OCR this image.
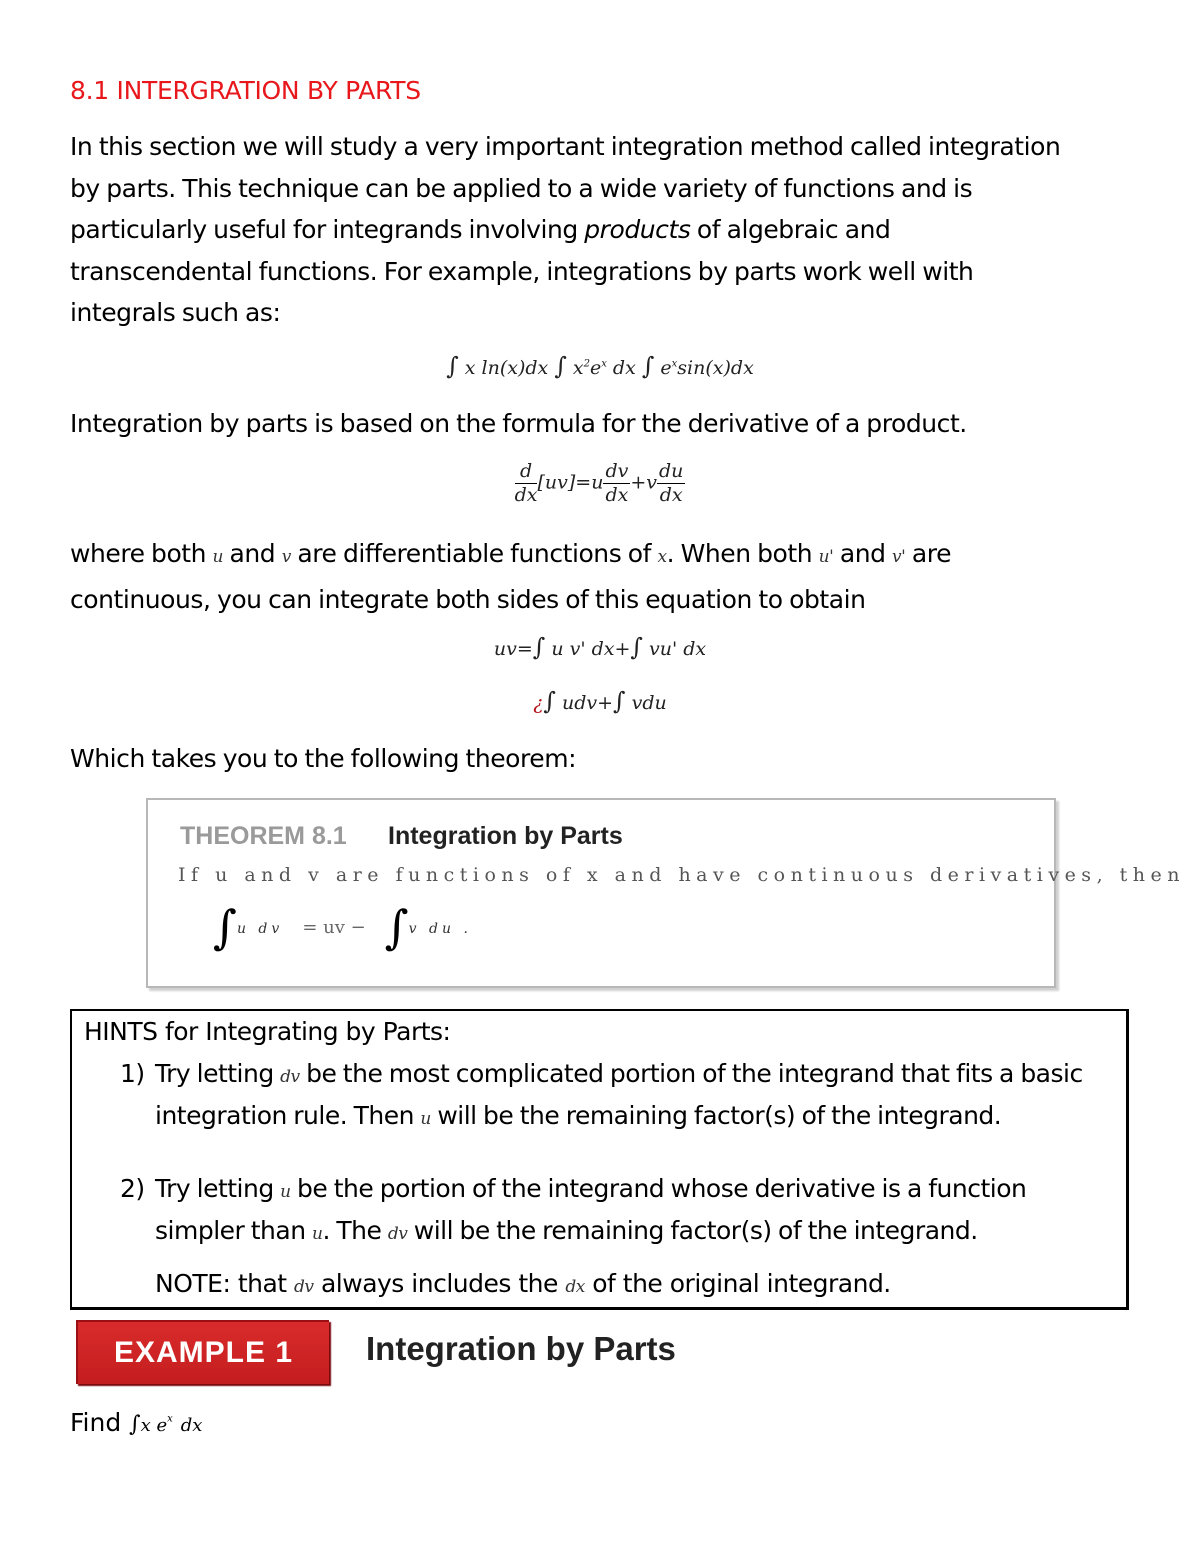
8.1 INTERGRATION BY PARTS
In this section we will study a very important integration method called integration
by parts. This technique can be applied to a wide variety of functions and is
particularly useful for integrands involving products of algebraic and
transcendental functions. For example, integrations by parts work well with
integrals such as:
∫ x ln(x)dx ∫ $x^2e^x$ dx ∫ $e^x\sin(x)dx$
Integration by parts is based on the formula for the derivative of a product.
$\frac{d}{dx} [uv]=u \frac{dv}{dx} +v \frac{du}{dx}$
where both u and v are differentiable functions of x. When both u' and v' are
continuous, you can integrate both sides of this equation to obtain
uv=∫ u v' dx+∫ vu' dx
¿∫ udv+∫ vdu
Which takes you to the following theorem:
THEOREM 8.1 Integration by Parts
If u and v are functions of x and have continuous derivatives, then
∫u dv = uv − ∫v du .
HINTS for Integrating by Parts:
1) Try letting dv be the most complicated portion of the integrand that fits a basic integration rule. Then u will be the remaining factor(s) of the integrand.
2) Try letting u be the portion of the integrand whose derivative is a function simpler than u. The dv will be the remaining factor(s) of the integrand.
NOTE: that dv always includes the dx of the original integrand.
EXAMPLE 1	Integration by Parts
Find ∫x $e^x$ dx
